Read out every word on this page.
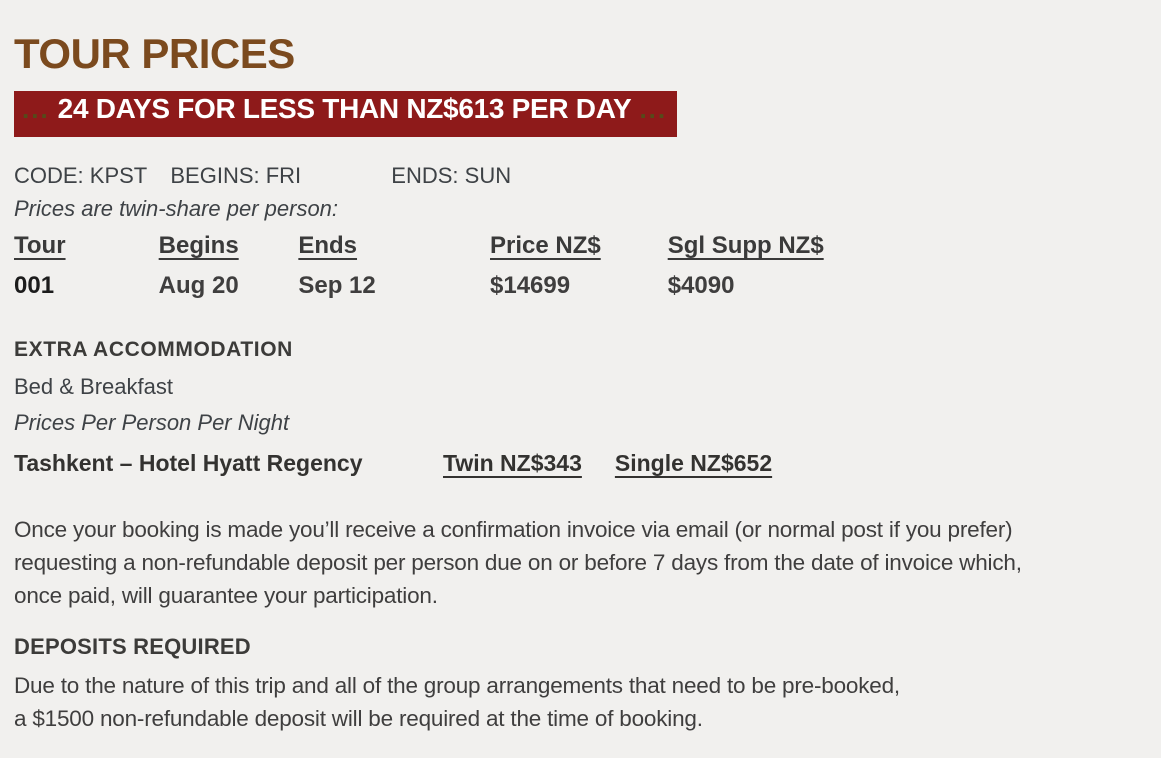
TOUR PRICES
... 24 DAYS FOR LESS THAN NZ$613 PER DAY ...
CODE: KPST BEGINS: FRI	ENDS: SUN
Prices are twin-share per person:
Tour	Begins Ends	Price NZ$	Sgl Supp NZ$
001	Aug 20 Sep 12	$14699	$4090
EXTRA ACCOMMODATION
Bed & Breakfast
Prices Per Person Per Night
Tashkent – Hotel Hyatt Regency	Twin NZ$343 Single NZ$652
Once your booking is made you’ll receive a confirmation invoice via email (or normal post if you prefer)
requesting a non-refundable deposit per person due on or before 7 days from the date of invoice which,
once paid, will guarantee your participation.
DEPOSITS REQUIRED
Due to the nature of this trip and all of the group arrangements that need to be pre-booked,
a $1500 non-refundable deposit will be required at the time of booking.
